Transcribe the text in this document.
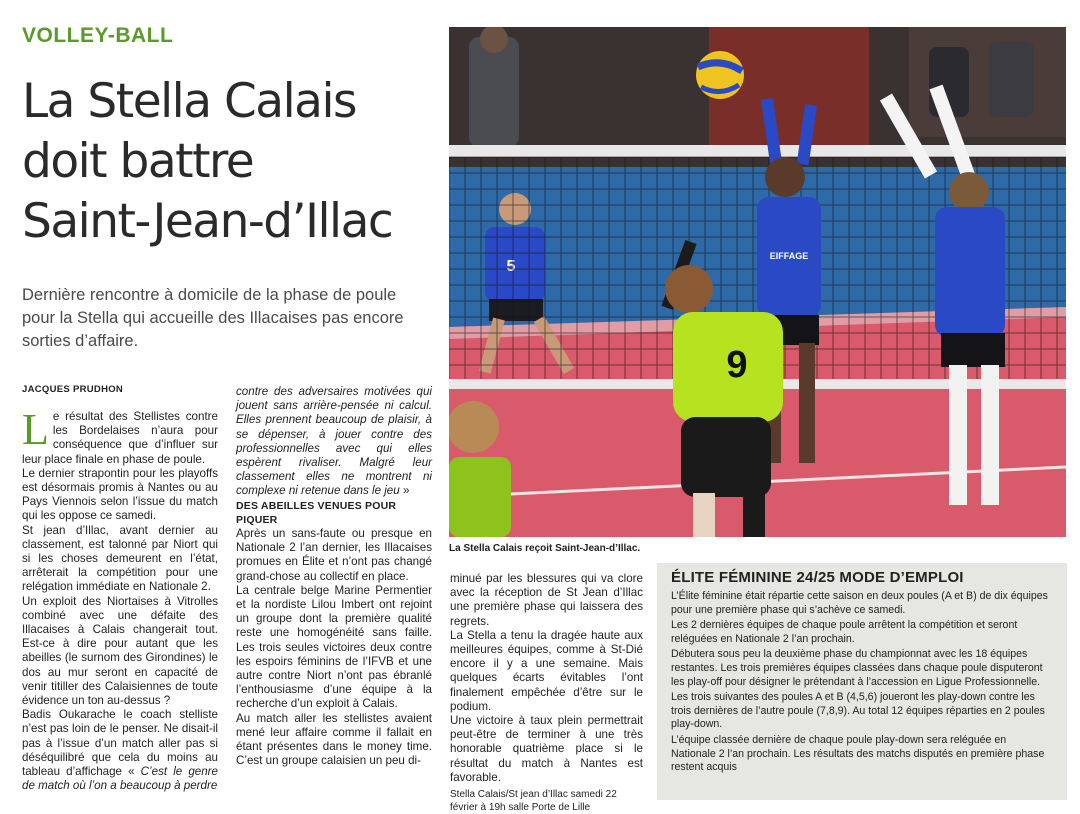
VOLLEY-BALL
La Stella Calais
doit battre
Saint-Jean-d’Illac
Dernière rencontre à domicile de la phase de poule pour la Stella qui accueille des Illacaises pas encore sorties d’affaire.
JACQUES PRUDHON

Le résultat des Stellistes contre les Bordelaises n’aura pour conséquence que d’influer sur leur place finale en phase de poule.

Le dernier strapontin pour les playoffs est désormais promis à Nantes ou au Pays Viennois selon l’issue du match qui les oppose ce samedi.

St jean d’Illac, avant dernier au classement, est talonné par Niort qui si les choses demeurent en l’état, arrêterait la compétition pour une relégation immédiate en Nationale 2.

Un exploit des Niortaises à Vitrolles combiné avec une défaite des Illacaises à Calais changerait tout. Est-ce à dire pour autant que les abeilles (le surnom des Girondines) le dos au mur seront en capacité de venir titiller des Calaisiennes de toute évidence un ton au-dessus ?

Badis Oukarache le coach stelliste n’est pas loin de le penser. Ne disait-il pas à l’issue d’un match aller pas si déséquilibré que cela du moins au tableau d’affichage « C’est le genre de match où l’on a beaucoup à perdre

contre des adversaires motivées qui jouent sans arrière-pensée ni calcul. Elles prennent beaucoup de plaisir, à se dépenser, à jouer contre des professionnelles avec qui elles espèrent rivaliser. Malgré leur classement elles ne montrent ni complexe ni retenue dans le jeu »

DES ABEILLES VENUES POUR PIQUER

Après un sans-faute ou presque en Nationale 2 l’an dernier, les Illacaises promues en Élite et n’ont pas changé grand-chose au collectif en place.

La centrale belge Marine Permentier et la nordiste Lilou Imbert ont rejoint un groupe dont la première qualité reste une homogénéité sans faille. Les trois seules victoires deux contre les espoirs féminins de l’IFVB et une autre contre Niort n’ont pas ébranlé l’enthousiasme d’une équipe à la recherche d’un exploit à Calais.

Au match aller les stellistes avaient mené leur affaire comme il fallait en étant présentes dans le money time. C’est un groupe calaisien un peu di-

minué par les blessures qui va clore avec la réception de St Jean d’Illac une première phase qui laissera des regrets.

La Stella a tenu la dragée haute aux meilleures équipes, comme à St-Dié encore il y a une semaine. Mais quelques écarts évitables l’ont finalement empêchée d’être sur le podium.

Une victoire à taux plein permettrait peut-être de terminer à une très honorable quatrième place si le résultat du match à Nantes est favorable.

Stella Calais/St jean d’Illac samedi 22 février à 19h salle Porte de Lille

5
EIFFAGE
9
La Stella Calais reçoit Saint-Jean-d’Illac.
ÉLITE FÉMININE 24/25 MODE D’EMPLOI

L’Élite féminine était répartie cette saison en deux poules (A et B) de dix équipes pour une première phase qui s’achève ce samedi.

Les 2 dernières équipes de chaque poule arrêtent la compétition et seront reléguées en Nationale 2 l’an prochain.

Débutera sous peu la deuxième phase du championnat avec les 18 équipes restantes. Les trois premières équipes classées dans chaque poule disputeront les play-off pour désigner le prétendant à l’accession en Ligue Professionnelle.

Les trois suivantes des poules A et B (4,5,6) joueront les play-down contre les trois dernières de l’autre poule (7,8,9). Au total 12 équipes réparties en 2 poules play-down.

L’équipe classée dernière de chaque poule play-down sera reléguée en Nationale 2 l’an prochain. Les résultats des matchs disputés en première phase restent acquis
